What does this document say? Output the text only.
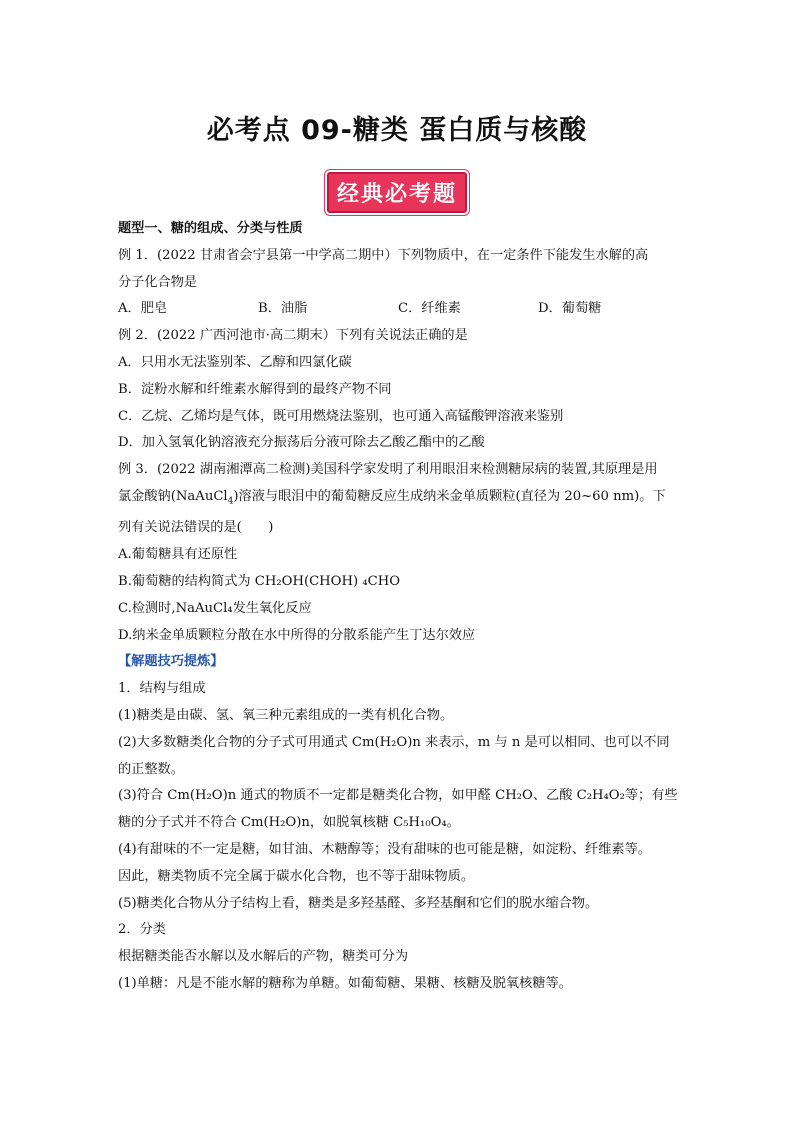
必考点 09-糖类 蛋白质与核酸
经典必考题
题型一、糖的组成、分类与性质
例 1．(2022 甘肃省会宁县第一中学高二期中）下列物质中，在一定条件下能发生水解的高
分子化合物是
A．肥皂	B．油脂	C．纤维素	D．葡萄糖
例 2．(2022 广西河池市·高二期末）下列有关说法正确的是
A．只用水无法鉴别苯、乙醇和四氯化碳
B．淀粉水解和纤维素水解得到的最终产物不同
C．乙烷、乙烯均是气体，既可用燃烧法鉴别，也可通入高锰酸钾溶液来鉴别
D．加入氢氧化钠溶液充分振荡后分液可除去乙酸乙酯中的乙酸
例 3．(2022 湖南湘潭高二检测)美国科学家发明了利用眼泪来检测糖尿病的装置,其原理是用
氯金酸钠(NaAuCl$_4$)溶液与眼泪中的葡萄糖反应生成纳米金单质颗粒(直径为 20~60 nm)。下
列有关说法错误的是(　　)
A.葡萄糖具有还原性
B.葡萄糖的结构简式为 CH₂OH(CHOH) ₄CHO
C.检测时,NaAuCl₄发生氧化反应
D.纳米金单质颗粒分散在水中所得的分散系能产生丁达尔效应
【解题技巧提炼】
1．结构与组成
(1)糖类是由碳、氢、氧三种元素组成的一类有机化合物。
(2)大多数糖类化合物的分子式可用通式 Cm(H₂O)n 来表示，m 与 n 是可以相同、也可以不同
的正整数。
(3)符合 Cm(H₂O)n 通式的物质不一定都是糖类化合物，如甲醛 CH₂O、乙酸 C₂H₄O₂等；有些
糖的分子式并不符合 Cm(H₂O)n，如脱氧核糖 C₅H₁₀O₄。
(4)有甜味的不一定是糖，如甘油、木糖醇等；没有甜味的也可能是糖，如淀粉、纤维素等。
因此，糖类物质不完全属于碳水化合物，也不等于甜味物质。
(5)糖类化合物从分子结构上看，糖类是多羟基醛、多羟基酮和它们的脱水缩合物。
2．分类
根据糖类能否水解以及水解后的产物，糖类可分为
(1)单糖：凡是不能水解的糖称为单糖。如葡萄糖、果糖、核糖及脱氧核糖等。
